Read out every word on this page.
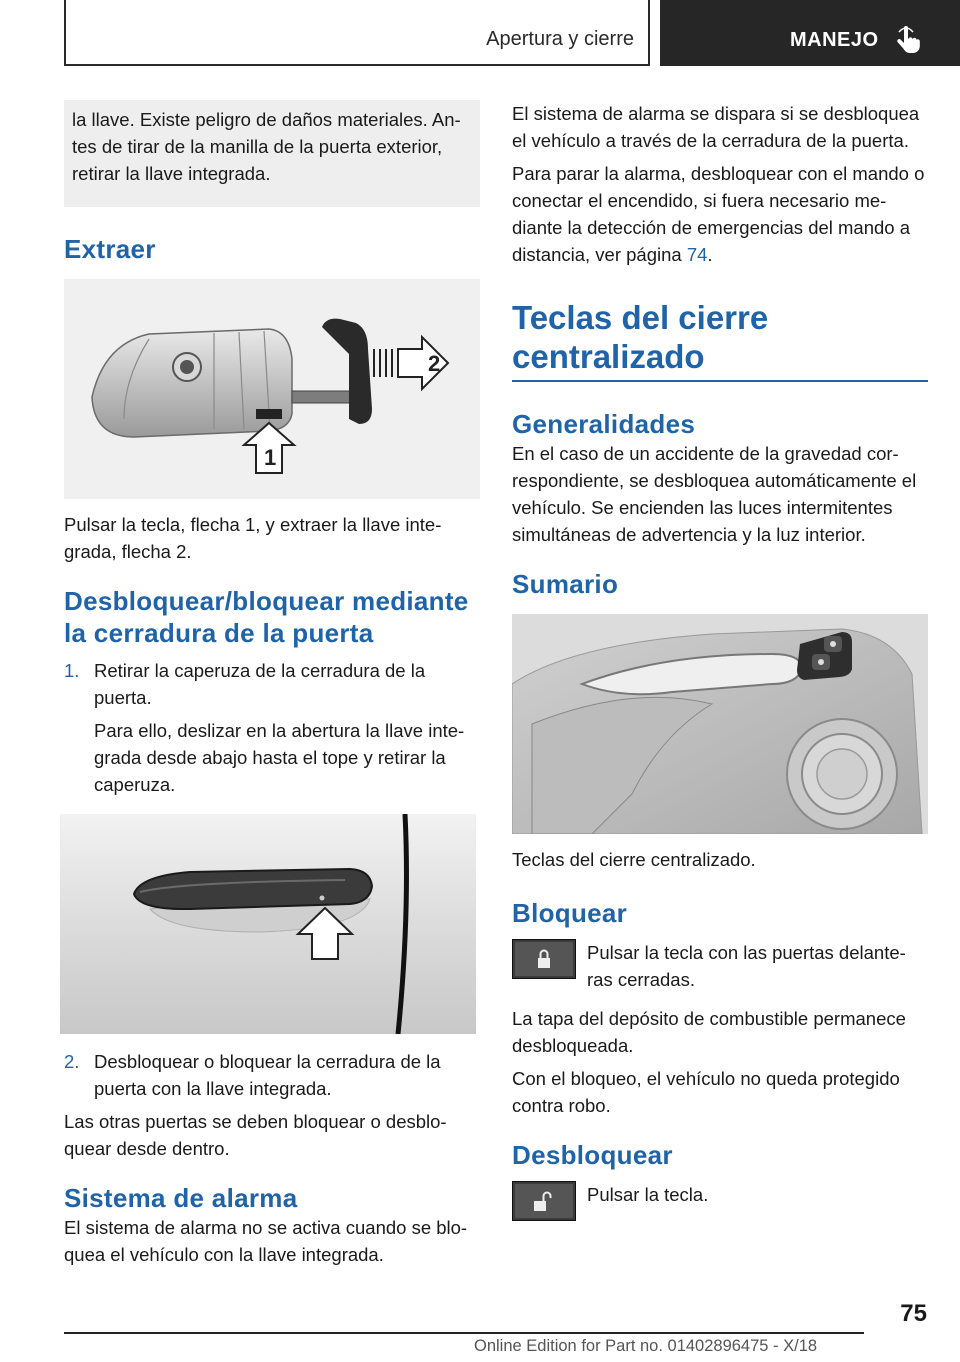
Apertura y cierre	MANEJO

la llave. Existe peligro de daños materiales. An‐ tes de tirar de la manilla de la puerta exterior, retirar la llave integrada.

Extraer
2
1

Pulsar la tecla, flecha 1, y extraer la llave inte‐ grada, flecha 2.

Desbloquear/bloquear mediante la cerradura de la puerta
1. Retirar la caperuza de la cerradura de la puerta.

Para ello, deslizar en la abertura la llave inte‐ grada desde abajo hasta el tope y retirar la caperuza.

2. Desbloquear o bloquear la cerradura de la puerta con la llave integrada.

Las otras puertas se deben bloquear o desblo‐ quear desde dentro.

Sistema de alarma

El sistema de alarma no se activa cuando se blo‐ quea el vehículo con la llave integrada.

El sistema de alarma se dispara si se desbloquea el vehículo a través de la cerradura de la puerta.

Para parar la alarma, desbloquear con el mando o conectar el encendido, si fuera necesario me‐ diante la detección de emergencias del mando a distancia, ver página 74.

Teclas del cierre centralizado
Generalidades

En el caso de un accidente de la gravedad cor‐ respondiente, se desbloquea automáticamente el vehículo. Se encienden las luces intermitentes simultáneas de advertencia y la luz interior.

Sumario

Teclas del cierre centralizado.

Bloquear

Pulsar la tecla con las puertas delante‐ ras cerradas.

La tapa del depósito de combustible permanece desbloqueada.

Con el bloqueo, el vehículo no queda protegido contra robo.

Desbloquear

Pulsar la tecla.

75
Online Edition for Part no. 01402896475 - X/18
